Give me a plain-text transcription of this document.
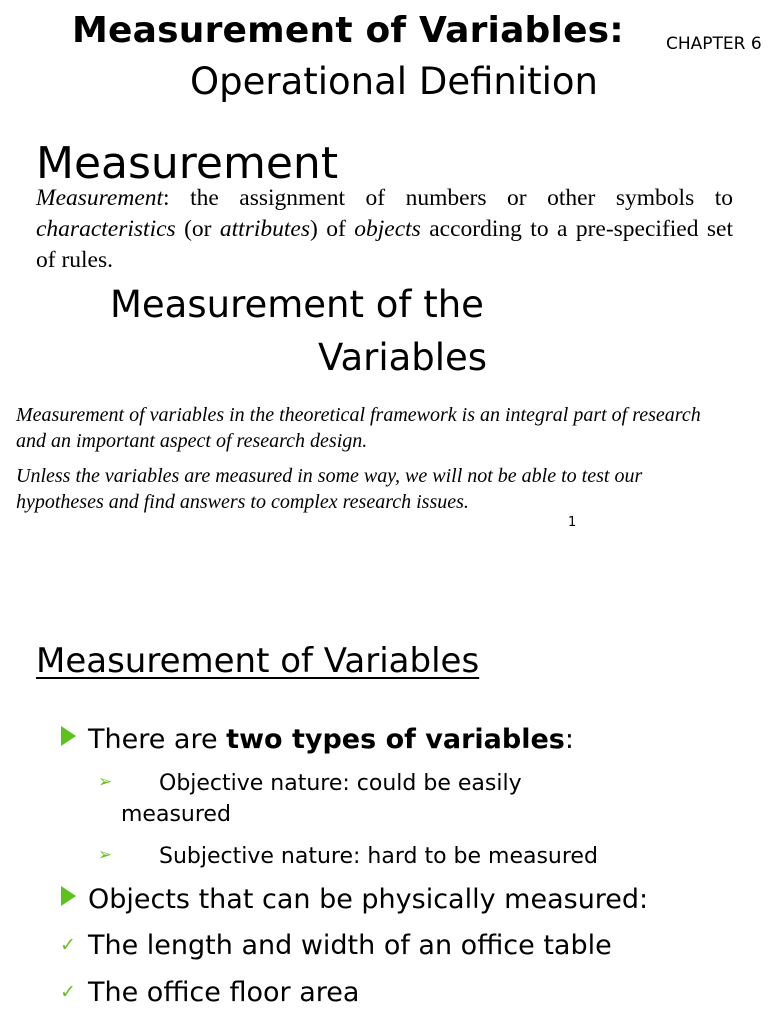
Measurement of Variables:
Operational Definition
CHAPTER 6
Measurement
Measurement: the assignment of numbers or other symbols to characteristics (or attributes) of objects according to a pre-specified set of rules.
Measurement of the
Variables
Measurement of variables in the theoretical framework is an integral part of research and an important aspect of research design.
Unless the variables are measured in some way, we will not be able to test our hypotheses and find answers to complex research issues.
1
Measurement of Variables
There are two types of variables:
➢ Objective nature: could be easily
measured
➢ Subjective nature: hard to be measured
Objects that can be physically measured:
✓ The length and width of an office table
✓ The office floor area
